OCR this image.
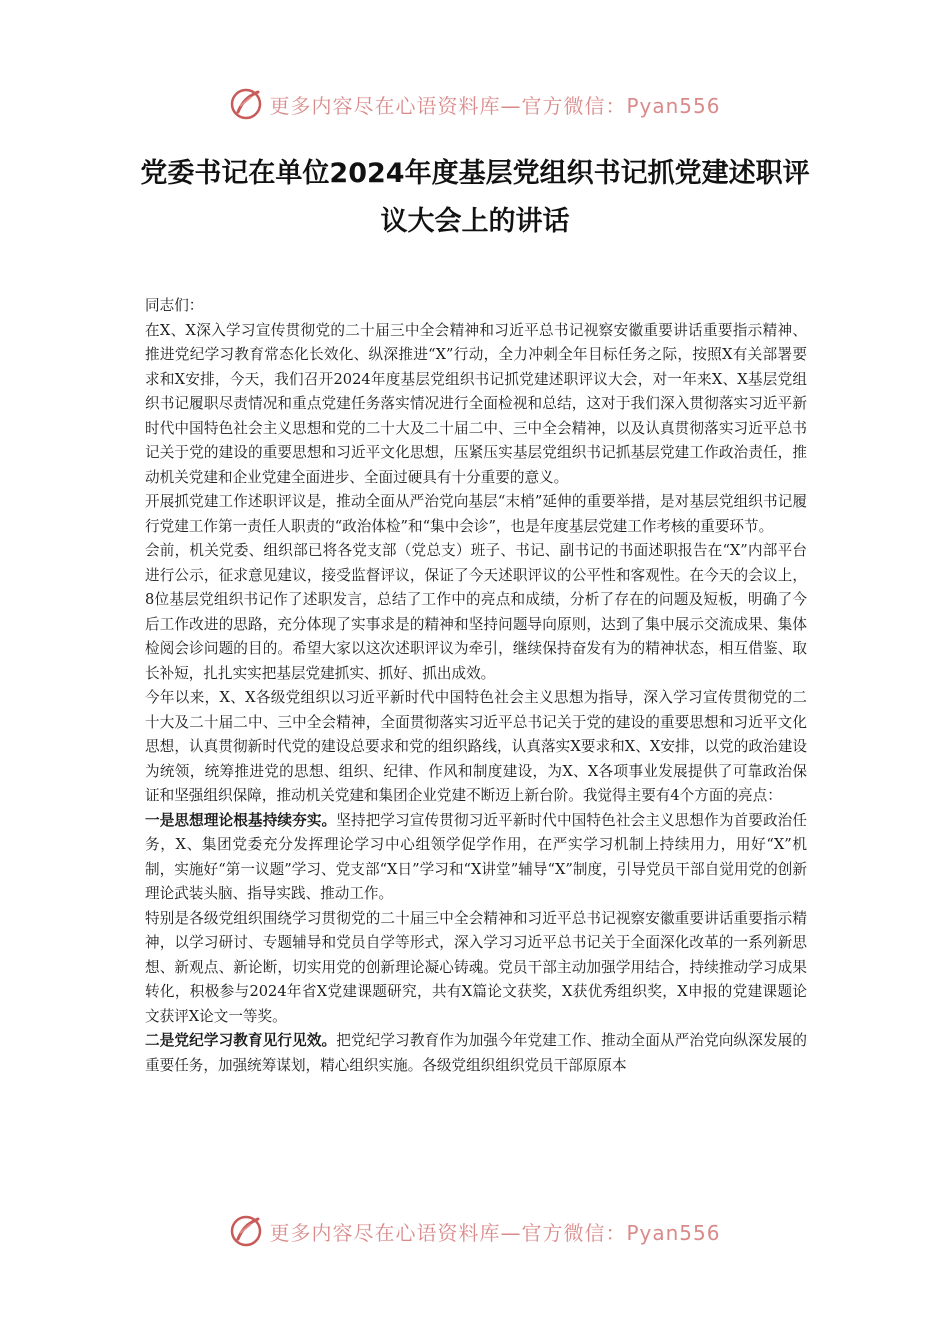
更多内容尽在心语资料库—官方微信：Pyan556
党委书记在单位2024年度基层党组织书记抓党建述职评议大会上的讲话

同志们：

在X、X深入学习宣传贯彻党的二十届三中全会精神和习近平总书记视察安徽重要讲话重要指示精神、推进党纪学习教育常态化长效化、纵深推进“X”行动，全力冲刺全年目标任务之际，按照X有关部署要求和X安排，今天，我们召开2024年度基层党组织书记抓党建述职评议大会，对一年来X、X基层党组织书记履职尽责情况和重点党建任务落实情况进行全面检视和总结，这对于我们深入贯彻落实习近平新时代中国特色社会主义思想和党的二十大及二十届二中、三中全会精神，以及认真贯彻落实习近平总书记关于党的建设的重要思想和习近平文化思想，压紧压实基层党组织书记抓基层党建工作政治责任，推动机关党建和企业党建全面进步、全面过硬具有十分重要的意义。

开展抓党建工作述职评议是，推动全面从严治党向基层“末梢”延伸的重要举措，是对基层党组织书记履行党建工作第一责任人职责的“政治体检”和“集中会诊”，也是年度基层党建工作考核的重要环节。

会前，机关党委、组织部已将各党支部（党总支）班子、书记、副书记的书面述职报告在“X”内部平台进行公示，征求意见建议，接受监督评议，保证了今天述职评议的公平性和客观性。在今天的会议上，8位基层党组织书记作了述职发言，总结了工作中的亮点和成绩，分析了存在的问题及短板，明确了今后工作改进的思路，充分体现了实事求是的精神和坚持问题导向原则，达到了集中展示交流成果、集体检阅会诊问题的目的。希望大家以这次述职评议为牵引，继续保持奋发有为的精神状态，相互借鉴、取长补短，扎扎实实把基层党建抓实、抓好、抓出成效。

今年以来，X、X各级党组织以习近平新时代中国特色社会主义思想为指导，深入学习宣传贯彻党的二十大及二十届二中、三中全会精神，全面贯彻落实习近平总书记关于党的建设的重要思想和习近平文化思想，认真贯彻新时代党的建设总要求和党的组织路线，认真落实X要求和X、X安排，以党的政治建设为统领，统筹推进党的思想、组织、纪律、作风和制度建设，为X、X各项事业发展提供了可靠政治保证和坚强组织保障，推动机关党建和集团企业党建不断迈上新台阶。我觉得主要有4个方面的亮点：

一是思想理论根基持续夯实。坚持把学习宣传贯彻习近平新时代中国特色社会主义思想作为首要政治任务，X、集团党委充分发挥理论学习中心组领学促学作用，在严实学习机制上持续用力，用好“X”机制，实施好“第一议题”学习、党支部“X日”学习和“X讲堂”辅导“X”制度，引导党员干部自觉用党的创新理论武装头脑、指导实践、推动工作。

特别是各级党组织围绕学习贯彻党的二十届三中全会精神和习近平总书记视察安徽重要讲话重要指示精神，以学习研讨、专题辅导和党员自学等形式，深入学习习近平总书记关于全面深化改革的一系列新思想、新观点、新论断，切实用党的创新理论凝心铸魂。党员干部主动加强学用结合，持续推动学习成果转化，积极参与2024年省X党建课题研究，共有X篇论文获奖，X获优秀组织奖，X申报的党建课题论文获评X论文一等奖。

二是党纪学习教育见行见效。把党纪学习教育作为加强今年党建工作、推动全面从严治党向纵深发展的重要任务，加强统筹谋划，精心组织实施。各级党组织组织党员干部原原本

更多内容尽在心语资料库—官方微信：Pyan556
